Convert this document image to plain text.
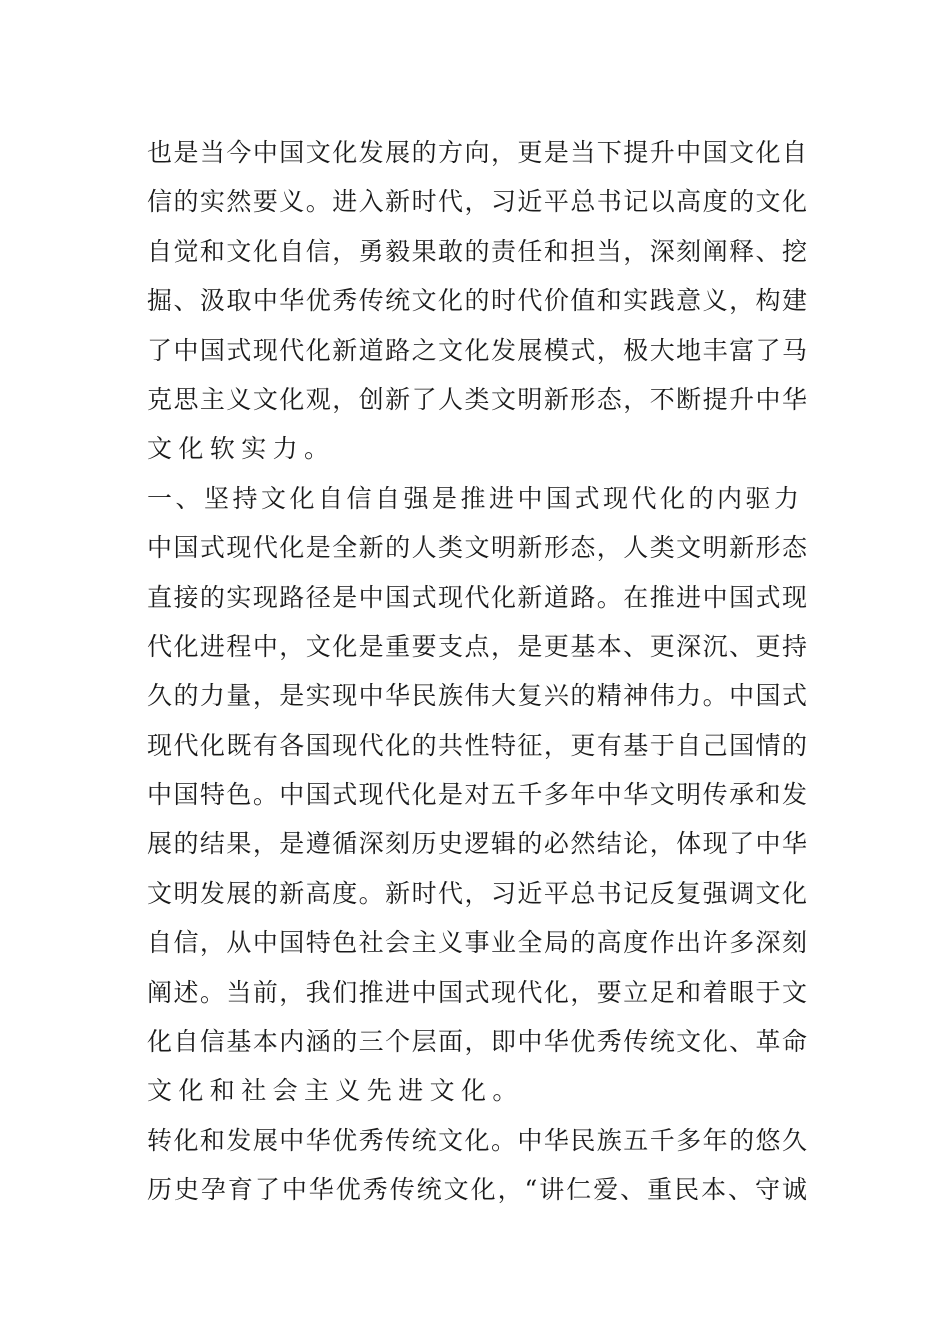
也是当今中国文化发展的方向，更是当下提升中国文化自
信的实然要义。进入新时代，习近平总书记以高度的文化
自觉和文化自信，勇毅果敢的责任和担当，深刻阐释、挖
掘、汲取中华优秀传统文化的时代价值和实践意义，构建
了中国式现代化新道路之文化发展模式，极大地丰富了马
克思主义文化观，创新了人类文明新形态，不断提升中华
文化软实力。
一、坚持文化自信自强是推进中国式现代化的内驱力
中国式现代化是全新的人类文明新形态，人类文明新形态
直接的实现路径是中国式现代化新道路。在推进中国式现
代化进程中，文化是重要支点，是更基本、更深沉、更持
久的力量，是实现中华民族伟大复兴的精神伟力。中国式
现代化既有各国现代化的共性特征，更有基于自己国情的
中国特色。中国式现代化是对五千多年中华文明传承和发
展的结果，是遵循深刻历史逻辑的必然结论，体现了中华
文明发展的新高度。新时代，习近平总书记反复强调文化
自信，从中国特色社会主义事业全局的高度作出许多深刻
阐述。当前，我们推进中国式现代化，要立足和着眼于文
化自信基本内涵的三个层面，即中华优秀传统文化、革命
文化和社会主义先进文化。
转化和发展中华优秀传统文化。中华民族五千多年的悠久
历史孕育了中华优秀传统文化，“讲仁爱、重民本、守诚
